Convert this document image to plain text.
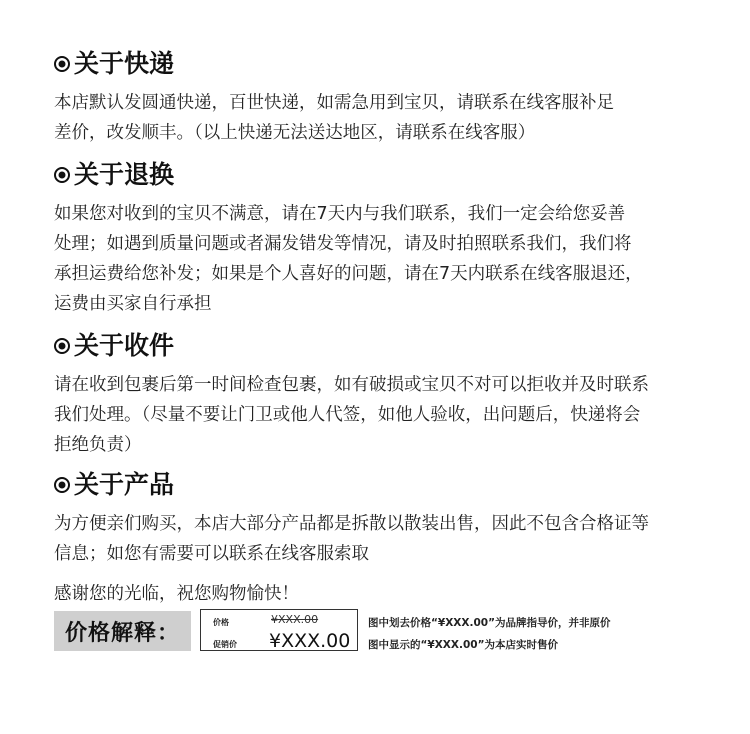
关于快递
本店默认发圆通快递，百世快递，如需急用到宝贝，请联系在线客服补足
差价，改发顺丰。（以上快递无法送达地区，请联系在线客服）
关于退换
如果您对收到的宝贝不满意，请在7天内与我们联系，我们一定会给您妥善
处理；如遇到质量问题或者漏发错发等情况，请及时拍照联系我们，我们将
承担运费给您补发；如果是个人喜好的问题，请在7天内联系在线客服退还，
运费由买家自行承担
关于收件
请在收到包裹后第一时间检查包裹，如有破损或宝贝不对可以拒收并及时联系
我们处理。（尽量不要让门卫或他人代签，如他人验收，出问题后，快递将会
拒绝负责）
关于产品
为方便亲们购买，本店大部分产品都是拆散以散装出售，因此不包含合格证等
信息；如您有需要可以联系在线客服索取
感谢您的光临，祝您购物愉快！
价格解释：	价格	¥XXX.00
促销价 ¥XXX.00
图中划去价格“¥XXX.00”为品牌指导价，并非原价
图中显示的“¥XXX.00”为本店实时售价
